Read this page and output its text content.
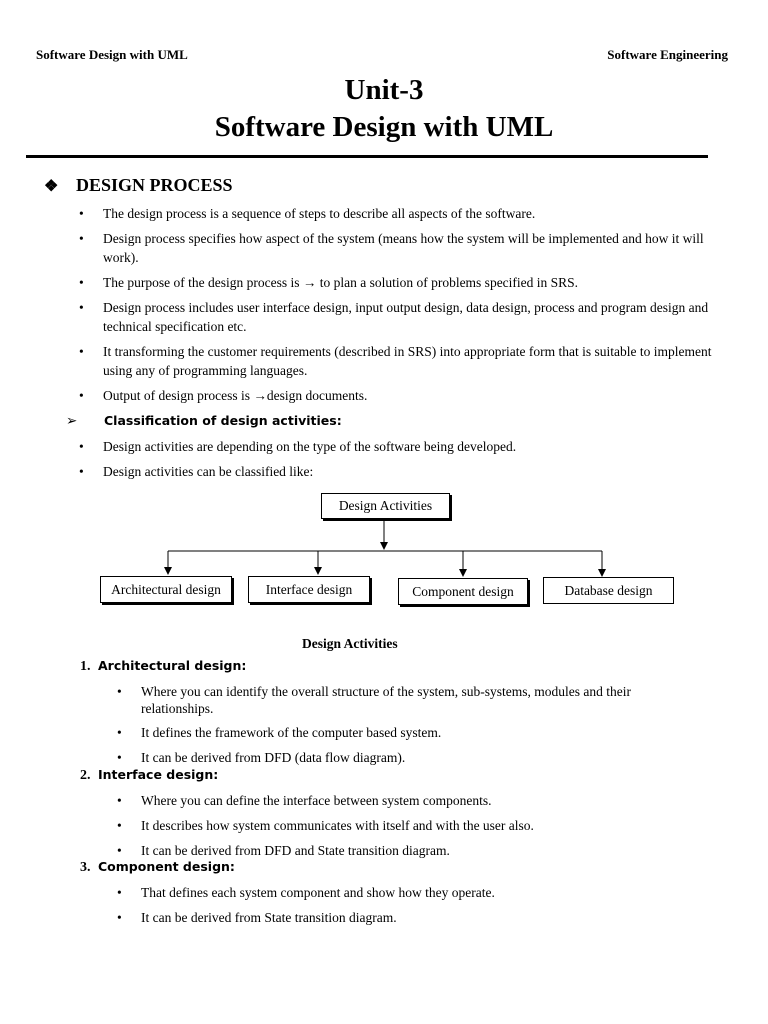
Software Design with UML	Software Engineering
Unit-3
Software Design with UML
❖ DESIGN PROCESS
• The design process is a sequence of steps to describe all aspects of the software.
• Design process specifies how aspect of the system (means how the system will be implemented and how it will work).
• The purpose of the design process is → to plan a solution of problems specified in SRS.
• Design process includes user interface design, input output design, data design, process and program design and technical specification etc.
• It transforming the customer requirements (described in SRS) into appropriate form that is suitable to implement using any of programming languages.
• Output of design process is →design documents.
➢ Classification of design activities:
• Design activities are depending on the type of the software being developed.
• Design activities can be classified like:
Design Activities
Architectural design	Interface design	Component design	Database design
Design Activities
1. Architectural design:
• Where you can identify the overall structure of the system, sub-systems, modules and their relationships.
• It defines the framework of the computer based system.
• It can be derived from DFD (data flow diagram).
2. Interface design:
• Where you can define the interface between system components.
• It describes how system communicates with itself and with the user also.
• It can be derived from DFD and State transition diagram.
3. Component design:
• That defines each system component and show how they operate.
• It can be derived from State transition diagram.
